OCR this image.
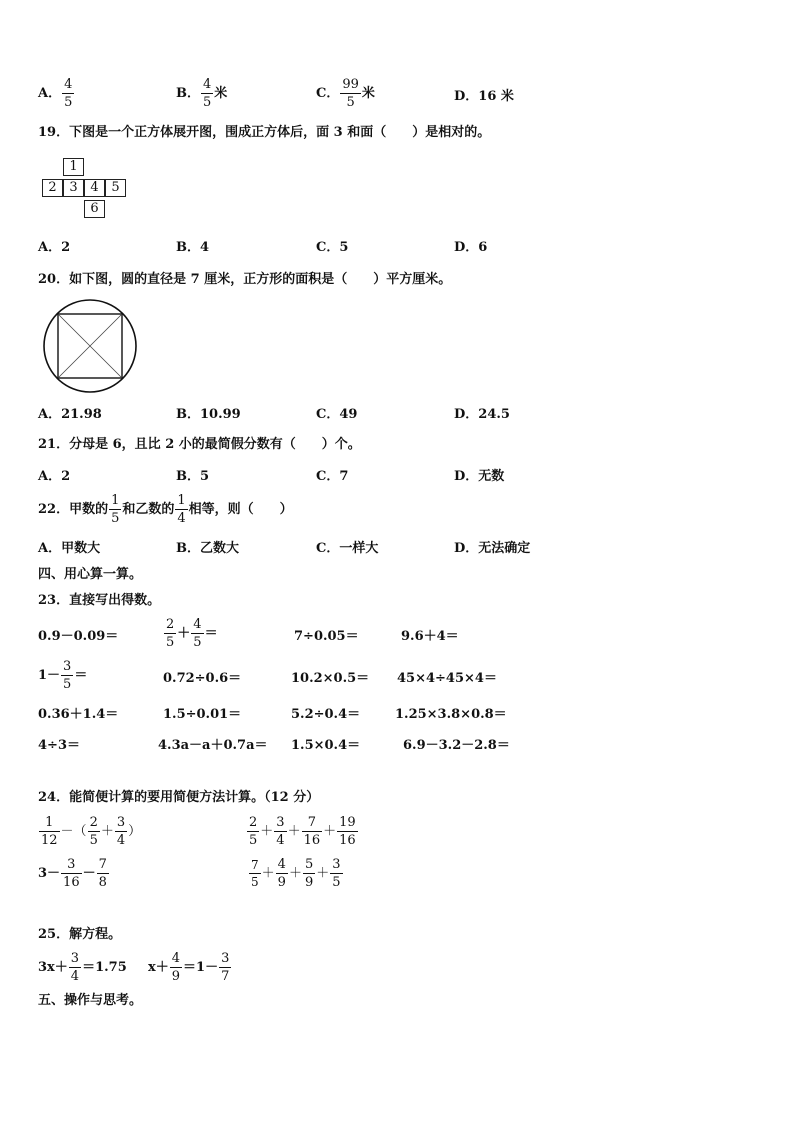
A． $\frac{4}{5}$	B． $\frac{4}{5}$ 米	C． $\frac{99}{5}$ 米	D．16 米
19．下图是一个正方体展开图，围成正方体后，面 3 和面（　　）是相对的。
1
2 3 4 5
6
A．2	B．4	C．5	D．6
20．如下图，圆的直径是 7 厘米，正方形的面积是（　　）平方厘米。
A．21.98	B．10.99	C．49	D．24.5
21．分母是 6，且比 2 小的最简假分数有（　　）个。
A．2	B．5	C．7	D．无数
22．甲数的 $\frac{1}{5}$ 和乙数的 $\frac{1}{4}$ 相等，则（　　）
A．甲数大	B．乙数大	C．一样大	D．无法确定
四、用心算一算。
23．直接写出得数。
0.9－0.09＝	$\frac{2}{5} + \frac{4}{5}$ ＝	7÷0.05＝	9.6＋4＝
$1- \frac{3}{5}$ ＝	0.72÷0.6＝	10.2×0.5＝ 45×4÷45×4＝
0.36＋1.4＝	1.5÷0.01＝	5.2÷0.4＝	1.25×3.8×0.8＝
4÷3＝	4.3a－a＋0.7a＝ 1.5×0.4＝	6.9－3.2－2.8＝
24．能简便计算的要用简便方法计算。（12 分）
$\frac{1}{12}$ －（ $\frac{2}{5} + \frac{3}{4}$ ）	$\frac{2}{5} + \frac{3}{4} + \frac{7}{16} + \frac{19}{16}$
$3- \frac{3}{16} - \frac{7}{8}$	$\frac{7}{5} + \frac{4}{9} + \frac{5}{9} + \frac{3}{5}$
25．解方程。
$3x+ \frac{3}{4} =1.75$ $x+ \frac{4}{9} =1- \frac{3}{7}$
五、操作与思考。
